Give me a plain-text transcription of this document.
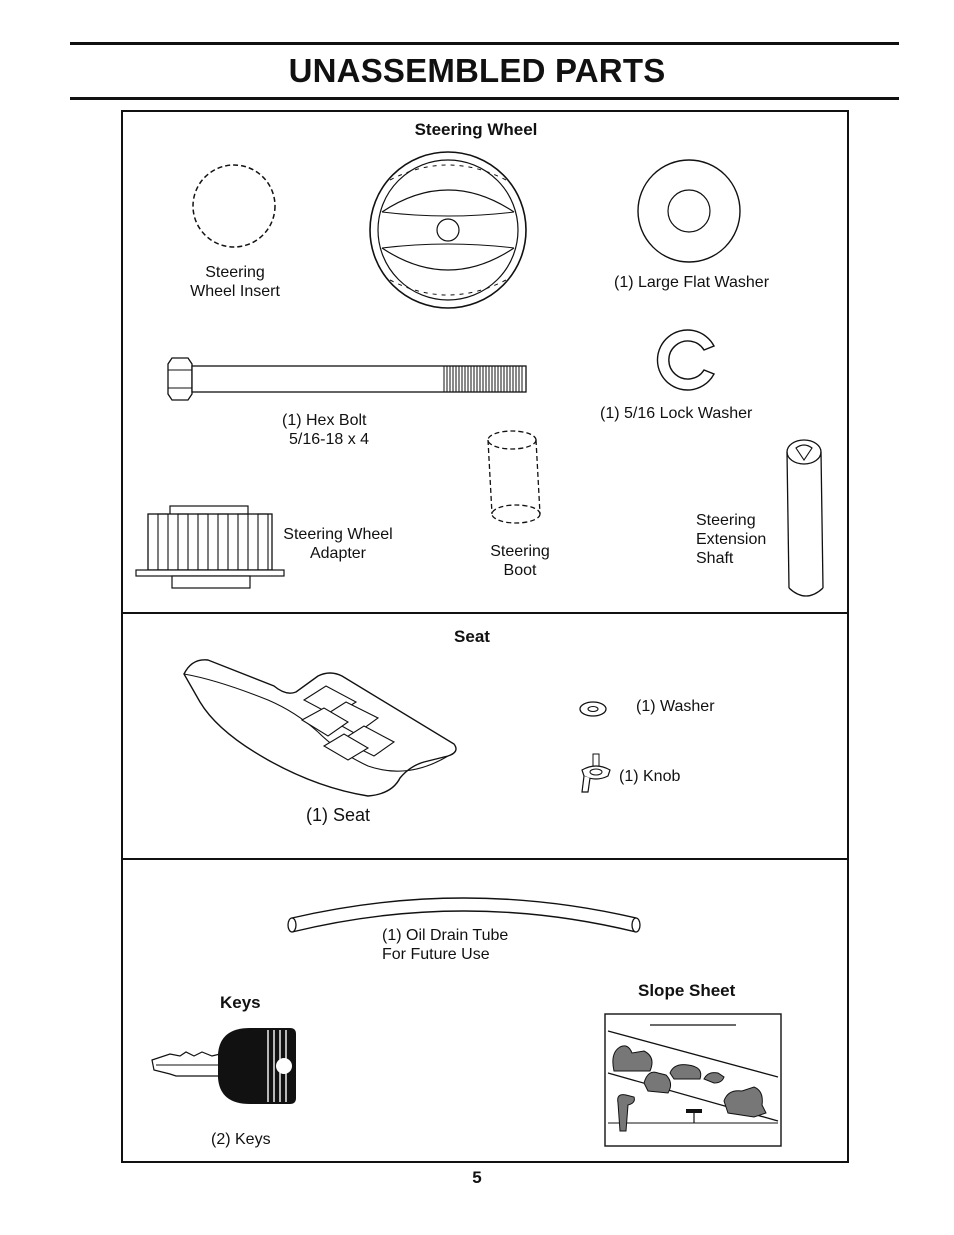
UNASSEMBLED PARTS
Steering Wheel
Steering
Wheel Insert
(1) Large Flat Washer
(1) Hex Bolt
5/16-18 x 4
(1) 5/16 Lock Washer
Steering Wheel
Adapter	Steering
Boot
Steering
Extension
Shaft
Seat
(1) Seat
(1) Washer
(1) Knob
(1) Oil Drain Tube
For Future Use
Keys
(2) Keys
Slope Sheet
5
